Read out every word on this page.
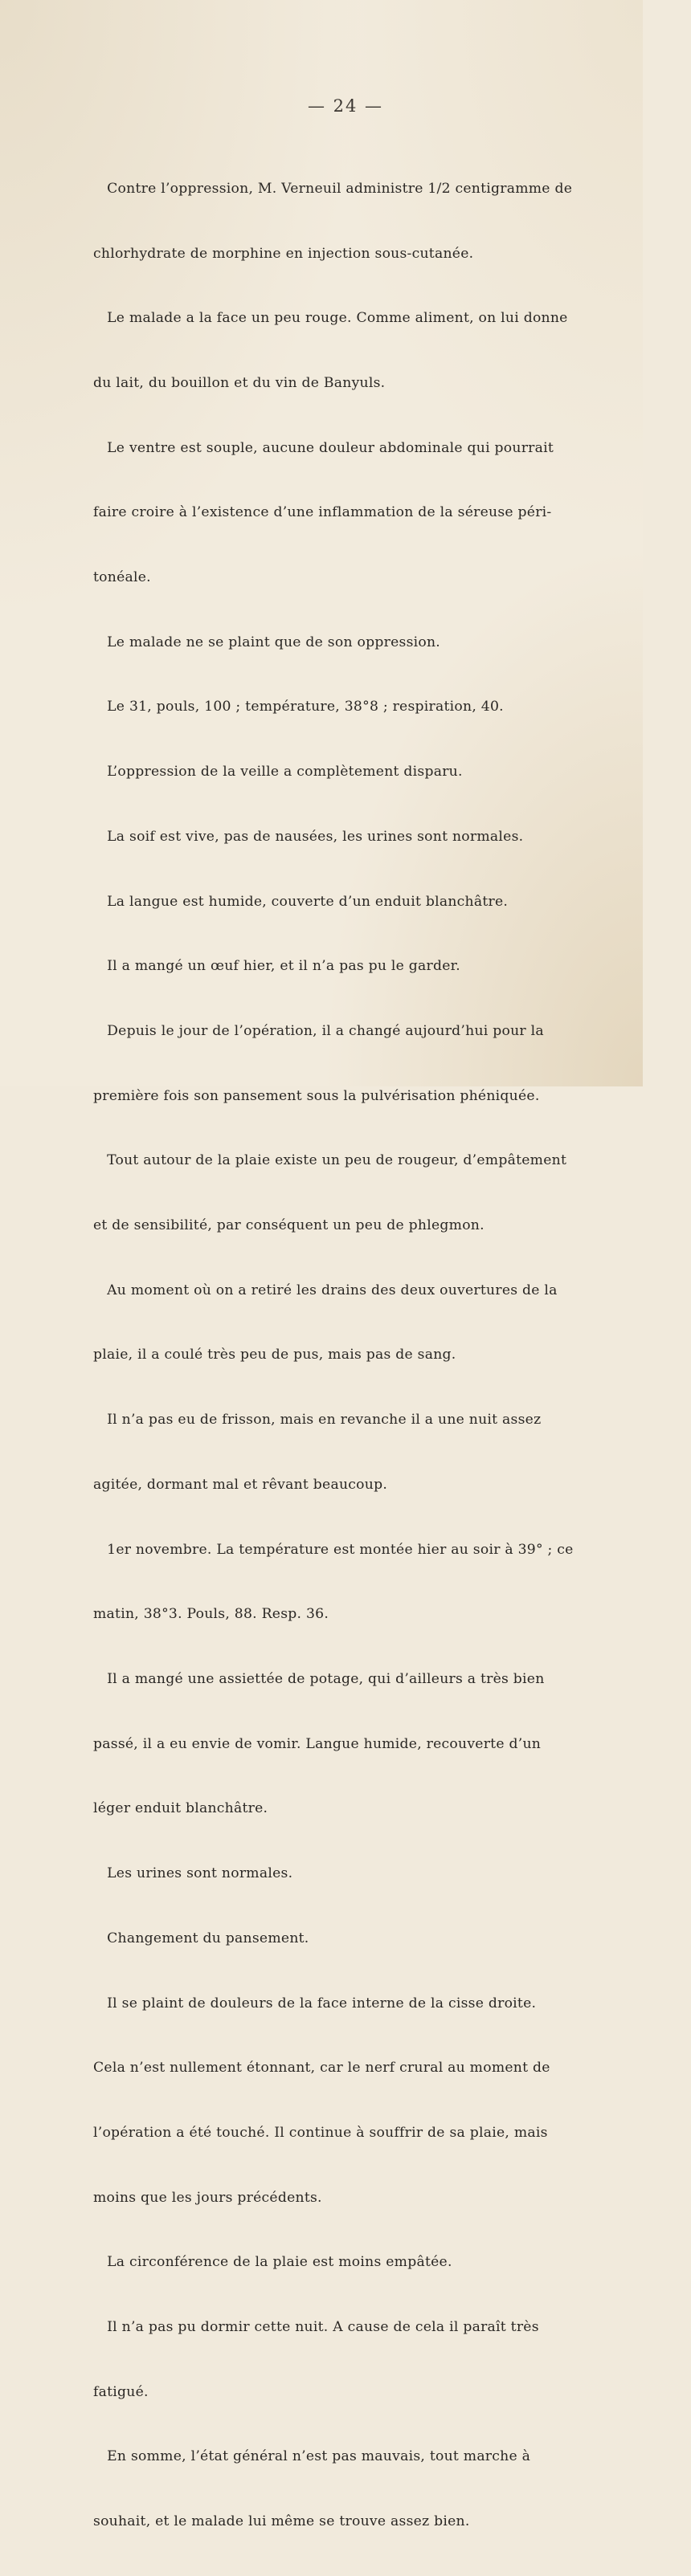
— 24 —

Contre l’oppression, M. Verneuil administre 1/2 centigramme de

chlorhydrate de morphine en injection sous-cutanée.

Le malade a la face un peu rouge. Comme aliment, on lui donne

du lait, du bouillon et du vin de Banyuls.

Le ventre est souple, aucune douleur abdominale qui pourrait

faire croire à l’existence d’une inflammation de la séreuse péri-

tonéale.

Le malade ne se plaint que de son oppression.

Le 31, pouls, 100 ; température, 38°8 ; respiration, 40.

L’oppression de la veille a complètement disparu.

La soif est vive, pas de nausées, les urines sont normales.

La langue est humide, couverte d’un enduit blanchâtre.

Il a mangé un œuf hier, et il n’a pas pu le garder.

Depuis le jour de l’opération, il a changé aujourd’hui pour la

première fois son pansement sous la pulvérisation phéniquée.

Tout autour de la plaie existe un peu de rougeur, d’empâtement

et de sensibilité, par conséquent un peu de phlegmon.

Au moment où on a retiré les drains des deux ouvertures de la

plaie, il a coulé très peu de pus, mais pas de sang.

Il n’a pas eu de frisson, mais en revanche il a une nuit assez

agitée, dormant mal et rêvant beaucoup.

1er novembre. La température est montée hier au soir à 39° ; ce

matin, 38°3. Pouls, 88. Resp. 36.

Il a mangé une assiettée de potage, qui d’ailleurs a très bien

passé, il a eu envie de vomir. Langue humide, recouverte d’un

léger enduit blanchâtre.

Les urines sont normales.

Changement du pansement.

Il se plaint de douleurs de la face interne de la cisse droite.

Cela n’est nullement étonnant, car le nerf crural au moment de

l’opération a été touché. Il continue à souffrir de sa plaie, mais

moins que les jours précédents.

La circonférence de la plaie est moins empâtée.

Il n’a pas pu dormir cette nuit. A cause de cela il paraît très

fatigué.

En somme, l’état général n’est pas mauvais, tout marche à

souhait, et le malade lui même se trouve assez bien.
